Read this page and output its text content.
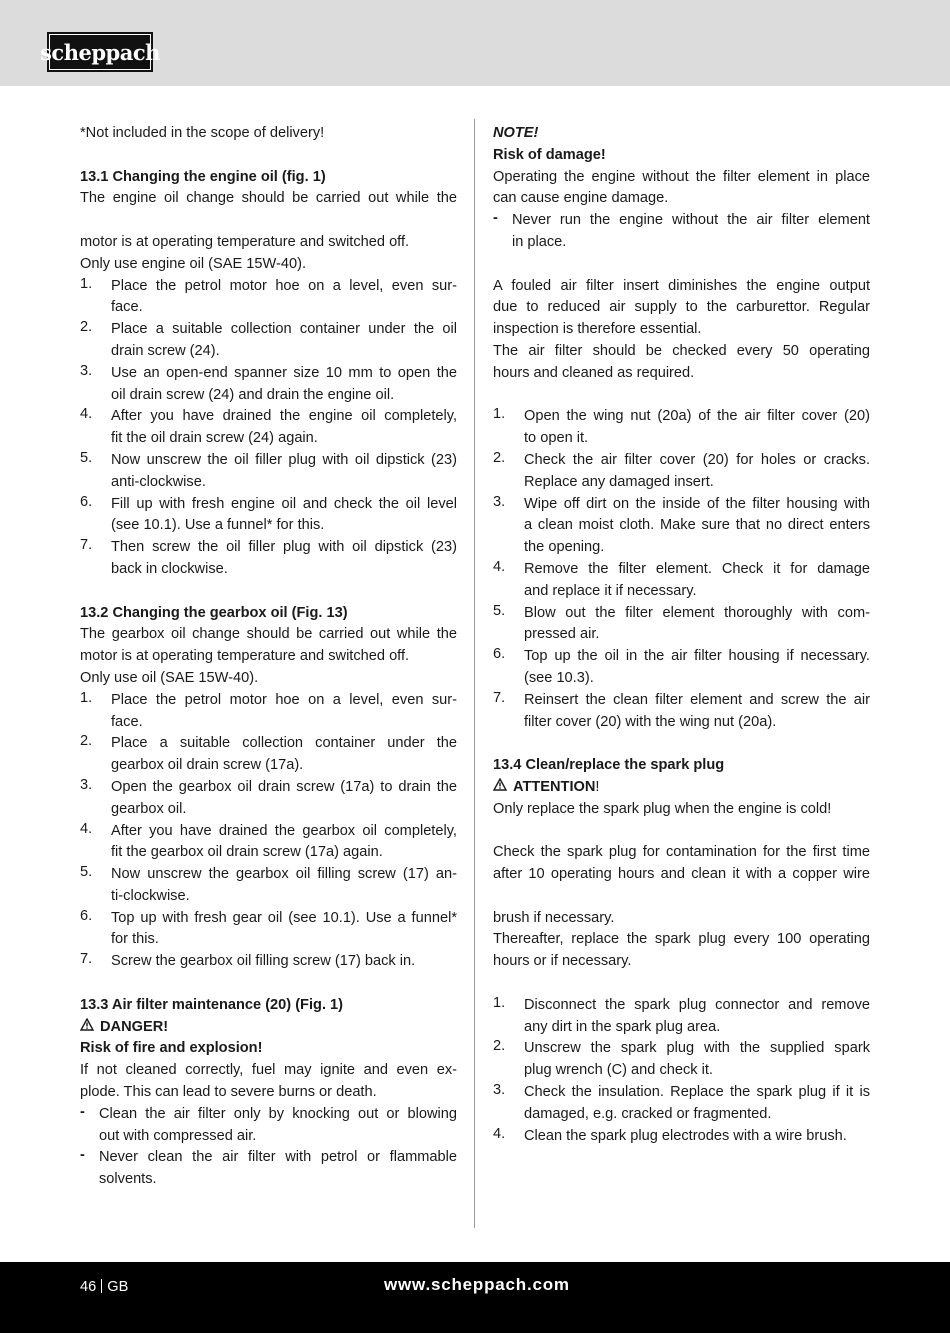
scheppach
*Not included in the scope of delivery!
13.1 Changing the engine oil (fig. 1)
The engine oil change should be carried out while the
motor is at operating temperature and switched off.
Only use engine oil (SAE 15W-40).
1.	Place the petrol motor hoe on a level, even sur-
face.
2.	Place a suitable collection container under the oil
drain screw (24).
3.	Use an open-end spanner size 10 mm to open the
oil drain screw (24) and drain the engine oil.
4.	After you have drained the engine oil completely,
fit the oil drain screw (24) again.
5.	Now unscrew the oil filler plug with oil dipstick (23)
anti-clockwise.
6.	Fill up with fresh engine oil and check the oil level
(see 10.1). Use a funnel* for this.
7.	Then screw the oil filler plug with oil dipstick (23)
back in clockwise.
13.2 Changing the gearbox oil (Fig. 13)
The gearbox oil change should be carried out while the
motor is at operating temperature and switched off.
Only use oil (SAE 15W-40).
1.	Place the petrol motor hoe on a level, even sur-
face.
2.	Place a suitable collection container under the
gearbox oil drain screw (17a).
3.	Open the gearbox oil drain screw (17a) to drain the
gearbox oil.
4.	After you have drained the gearbox oil completely,
fit the gearbox oil drain screw (17a) again.
5.	Now unscrew the gearbox oil filling screw (17) an-
ti-clockwise.
6.	Top up with fresh gear oil (see 10.1). Use a funnel*
for this.
7.	Screw the gearbox oil filling screw (17) back in.
13.3 Air filter maintenance (20) (Fig. 1)
DANGER!
Risk of fire and explosion!
If not cleaned correctly, fuel may ignite and even ex-
plode. This can lead to severe burns or death.
- Clean the air filter only by knocking out or blowing
out with compressed air.
- Never clean the air filter with petrol or flammable
solvents.
NOTE!
Risk of damage!
Operating the engine without the filter element in place
can cause engine damage.
- Never run the engine without the air filter element
in place.
A fouled air filter insert diminishes the engine output
due to reduced air supply to the carburettor. Regular
inspection is therefore essential.
The air filter should be checked every 50 operating
hours and cleaned as required.
1.	Open the wing nut (20a) of the air filter cover (20)
to open it.
2.	Check the air filter cover (20) for holes or cracks.
Replace any damaged insert.
3.	Wipe off dirt on the inside of the filter housing with
a clean moist cloth. Make sure that no direct enters
the opening.
4.	Remove the filter element. Check it for damage
and replace it if necessary.
5.	Blow out the filter element thoroughly with com-
pressed air.
6.	Top up the oil in the air filter housing if necessary.
(see 10.3).
7.	Reinsert the clean filter element and screw the air
filter cover (20) with the wing nut (20a).
13.4 Clean/replace the spark plug
ATTENTION!
Only replace the spark plug when the engine is cold!
Check the spark plug for contamination for the first time
after 10 operating hours and clean it with a copper wire
brush if necessary.
Thereafter, replace the spark plug every 100 operating
hours or if necessary.
1.	Disconnect the spark plug connector and remove
any dirt in the spark plug area.
2.	Unscrew the spark plug with the supplied spark
plug wrench (C) and check it.
3.	Check the insulation. Replace the spark plug if it is
damaged, e.g. cracked or fragmented.
4.	Clean the spark plug electrodes with a wire brush.
46 GB	www.scheppach.com
